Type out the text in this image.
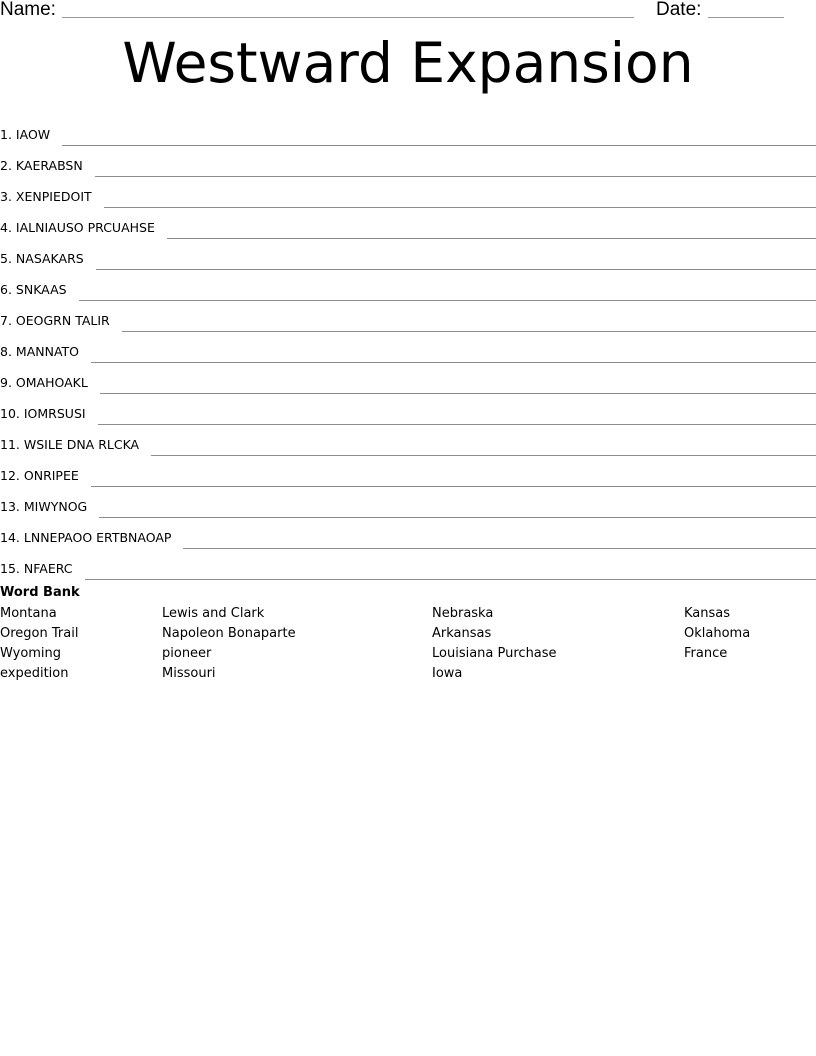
Name:	Date:
Westward Expansion
1. IAOW
2. KAERABSN
3. XENPIEDOIT
4. IALNIAUSO PRCUAHSE
5. NASAKARS
6. SNKAAS
7. OEOGRN TALIR
8. MANNATO
9. OMAHOAKL
10. IOMRSUSI
11. WSILE DNA RLCKA
12. ONRIPEE
13. MIWYNOG
14. LNNEPAOO ERTBNAOAP
15. NFAERC
Word Bank
Montana
Oregon Trail
Wyoming
expedition
Lewis and Clark
Napoleon Bonaparte
pioneer
Missouri
Nebraska
Arkansas
Louisiana Purchase
Iowa
Kansas
Oklahoma
France
